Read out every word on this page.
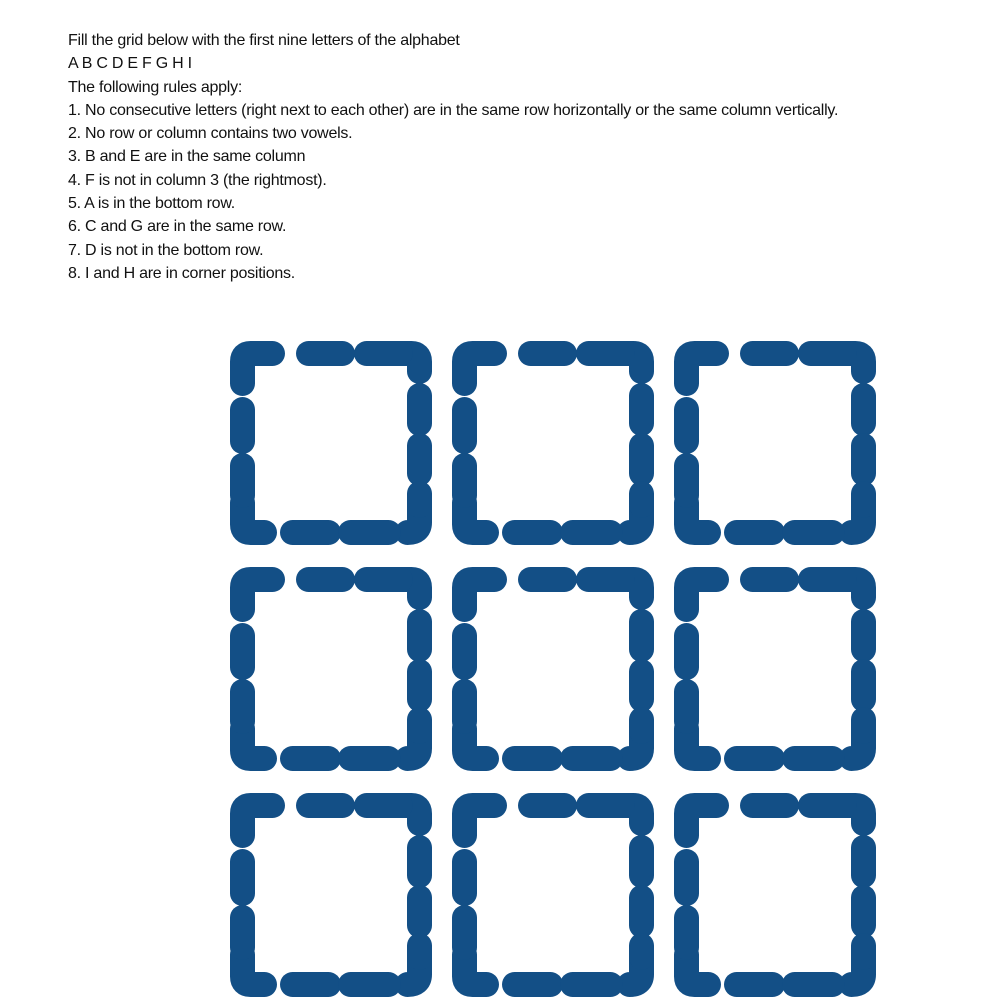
Fill the grid below with the first nine letters of the alphabet
A B C D E F G H I
The following rules apply:
1. No consecutive letters (right next to each other) are in the same row horizontally or the same column vertically.
2. No row or column contains two vowels.
3. B and E are in the same column
4. F is not in column 3 (the rightmost).
5. A is in the bottom row.
6. C and G are in the same row.
7. D is not in the bottom row.
8. I and H are in corner positions.
